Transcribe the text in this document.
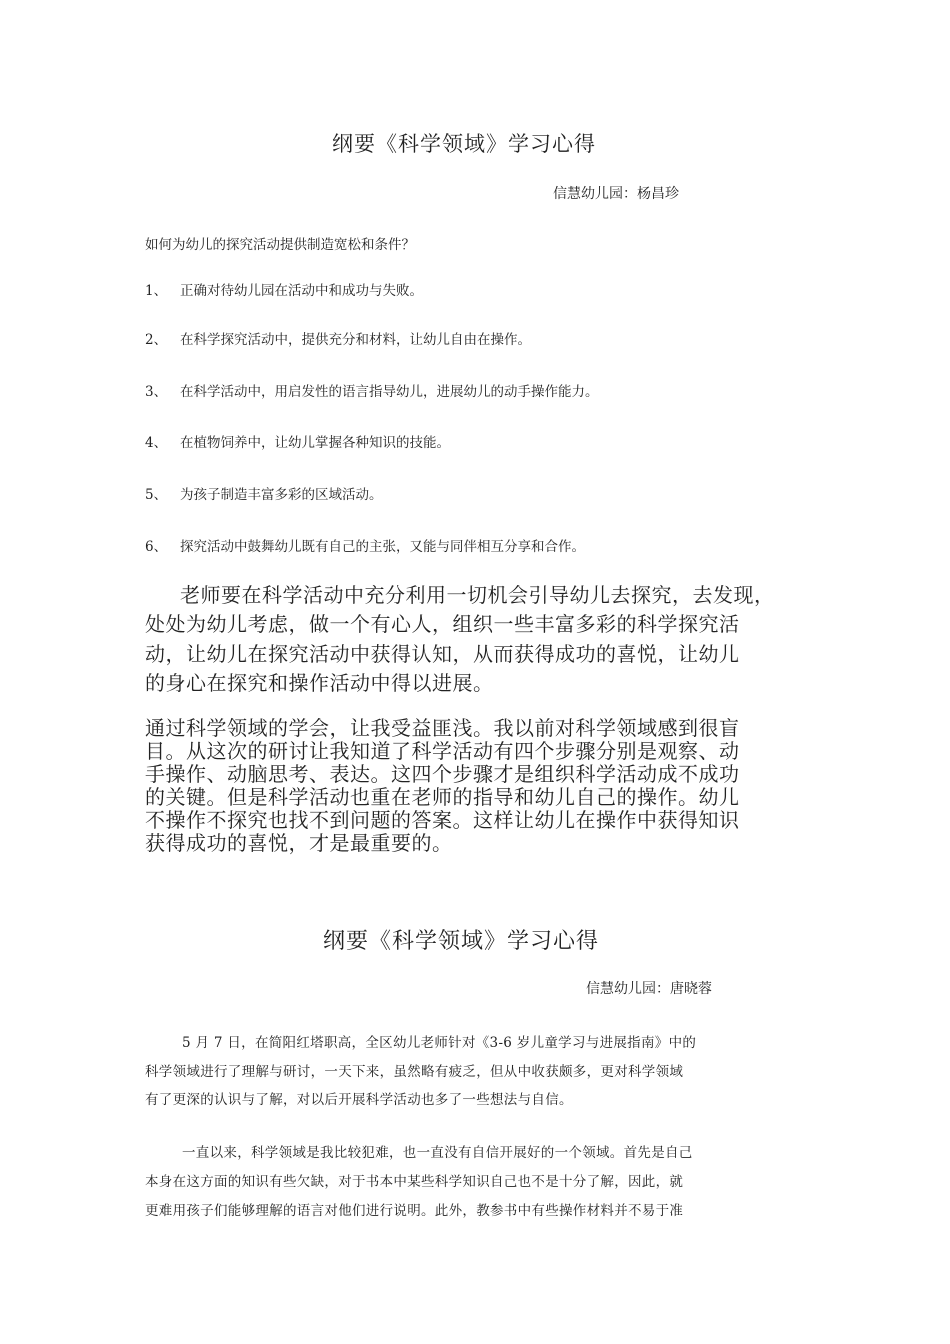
纲要《科学领域》学习心得
信慧幼儿园：杨昌珍
如何为幼儿的探究活动提供制造宽松和条件？
1、 正确对待幼儿园在活动中和成功与失败。
2、 在科学探究活动中，提供充分和材料，让幼儿自由在操作。
3、 在科学活动中，用启发性的语言指导幼儿，进展幼儿的动手操作能力。
4、 在植物饲养中，让幼儿掌握各种知识的技能。
5、 为孩子制造丰富多彩的区域活动。
6、 探究活动中鼓舞幼儿既有自己的主张，又能与同伴相互分享和合作。
老师要在科学活动中充分利用一切机会引导幼儿去探究，去发现，
处处为幼儿考虑，做一个有心人，组织一些丰富多彩的科学探究活
动，让幼儿在探究活动中获得认知，从而获得成功的喜悦，让幼儿
的身心在探究和操作活动中得以进展。
通过科学领域的学会，让我受益匪浅。我以前对科学领域感到很盲
目。从这次的研讨让我知道了科学活动有四个步骤分别是观察、动
手操作、动脑思考、表达。这四个步骤才是组织科学活动成不成功
的关键。但是科学活动也重在老师的指导和幼儿自己的操作。幼儿
不操作不探究也找不到问题的答案。这样让幼儿在操作中获得知识
获得成功的喜悦，才是最重要的。
纲要《科学领域》学习心得
信慧幼儿园：唐晓蓉
5 月 7 日，在简阳红塔职高，全区幼儿老师针对《3-6 岁儿童学习与进展指南》中的
科学领域进行了理解与研讨，一天下来，虽然略有疲乏，但从中收获颇多，更对科学领域
有了更深的认识与了解，对以后开展科学活动也多了一些想法与自信。
一直以来，科学领域是我比较犯难，也一直没有自信开展好的一个领域。首先是自己
本身在这方面的知识有些欠缺，对于书本中某些科学知识自己也不是十分了解，因此，就
更难用孩子们能够理解的语言对他们进行说明。此外，教参书中有些操作材料并不易于准
